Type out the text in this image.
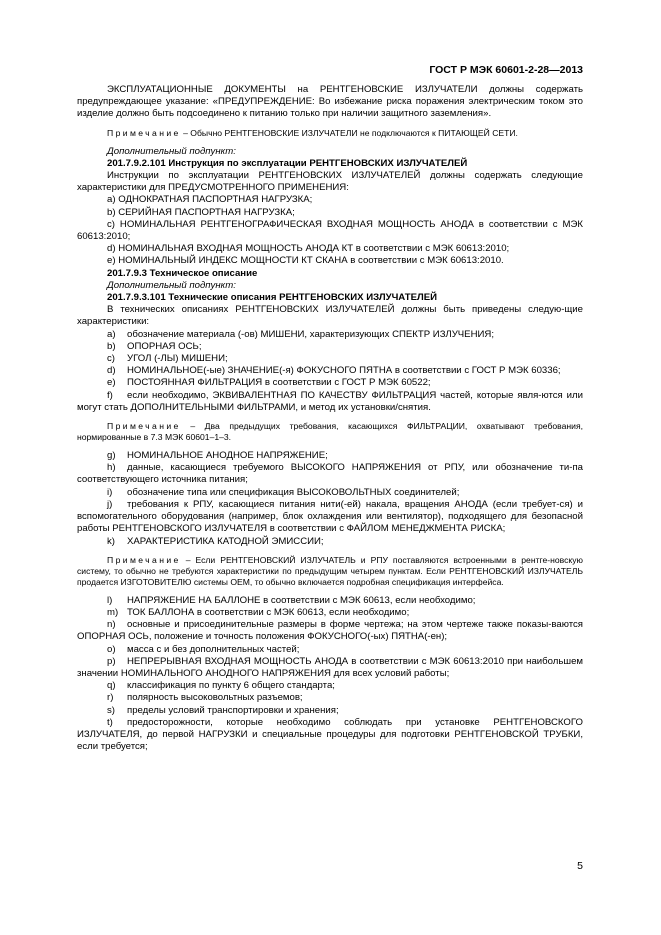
ГОСТ Р МЭК 60601-2-28—2013

ЭКСПЛУАТАЦИОННЫЕ ДОКУМЕНТЫ на РЕНТГЕНОВСКИЕ ИЗЛУЧАТЕЛИ должны содержать предупреждающее указание: «ПРЕДУПРЕЖДЕНИЕ: Во избежание риска поражения электрическим током это изделие должно быть подсоединено к питанию только при наличии защитного заземления».

Примечание – Обычно РЕНТГЕНОВСКИЕ ИЗЛУЧАТЕЛИ не подключаются к ПИТАЮЩЕЙ СЕТИ.

Дополнительный подпункт:

201.7.9.2.101 Инструкция по эксплуатации РЕНТГЕНОВСКИХ ИЗЛУЧАТЕЛЕЙ

Инструкции по эксплуатации РЕНТГЕНОВСКИХ ИЗЛУЧАТЕЛЕЙ должны содержать следующие характеристики для ПРЕДУСМОТРЕННОГО ПРИМЕНЕНИЯ:

a) ОДНОКРАТНАЯ ПАСПОРТНАЯ НАГРУЗКА;

b) СЕРИЙНАЯ ПАСПОРТНАЯ НАГРУЗКА;

c) НОМИНАЛЬНАЯ РЕНТГЕНОГРАФИЧЕСКАЯ ВХОДНАЯ МОЩНОСТЬ АНОДА в соответствии с МЭК 60613:2010;

d) НОМИНАЛЬНАЯ ВХОДНАЯ МОЩНОСТЬ АНОДА КТ в соответствии с МЭК 60613:2010;

e) НОМИНАЛЬНЫЙ ИНДЕКС МОЩНОСТИ КТ СКАНА в соответствии с МЭК 60613:2010.

201.7.9.3 Техническое описание

Дополнительный подпункт:

201.7.9.3.101 Технические описания РЕНТГЕНОВСКИХ ИЗЛУЧАТЕЛЕЙ

В технических описаниях РЕНТГЕНОВСКИХ ИЗЛУЧАТЕЛЕЙ должны быть приведены следую-щие характеристики:

a) обозначение материала (-ов) МИШЕНИ, характеризующих СПЕКТР ИЗЛУЧЕНИЯ;

b) ОПОРНАЯ ОСЬ;

c) УГОЛ (-ЛЫ) МИШЕНИ;

d) НОМИНАЛЬНОЕ(-ые) ЗНАЧЕНИЕ(-я) ФОКУСНОГО ПЯТНА в соответствии с ГОСТ Р МЭК 60336;

e) ПОСТОЯННАЯ ФИЛЬТРАЦИЯ в соответствии с ГОСТ Р МЭК 60522;

f) если необходимо, ЭКВИВАЛЕНТНАЯ ПО КАЧЕСТВУ ФИЛЬТРАЦИЯ частей, которые явля-ются или могут стать ДОПОЛНИТЕЛЬНЫМИ ФИЛЬТРАМИ, и метод их установки/снятия.

Примечание – Два предыдущих требования, касающихся ФИЛЬТРАЦИИ, охватывают требования, нормированные в 7.3 МЭК 60601–1–3.

g) НОМИНАЛЬНОЕ АНОДНОЕ НАПРЯЖЕНИЕ;

h) данные, касающиеся требуемого ВЫСОКОГО НАПРЯЖЕНИЯ от РПУ, или обозначение ти-па соответствующего источника питания;

i) обозначение типа или спецификация ВЫСОКОВОЛЬТНЫХ соединителей;

j) требования к РПУ, касающиеся питания нити(-ей) накала, вращения АНОДА (если требует-ся) и вспомогательного оборудования (например, блок охлаждения или вентилятор), подходящего для безопасной работы РЕНТГЕНОВСКОГО ИЗЛУЧАТЕЛЯ в соответствии с ФАЙЛОМ МЕНЕДЖМЕНТА РИСКА;

k) ХАРАКТЕРИСТИКА КАТОДНОЙ ЭМИССИИ;

Примечание – Если РЕНТГЕНОВСКИЙ ИЗЛУЧАТЕЛЬ и РПУ поставляются встроенными в рентге-новскую систему, то обычно не требуются характеристики по предыдущим четырем пунктам. Если РЕНТГЕНОВСКИЙ ИЗЛУЧАТЕЛЬ продается ИЗГОТОВИТЕЛЮ системы ОЕМ, то обычно включается подробная спецификация интерфейса.

l) НАПРЯЖЕНИЕ НА БАЛЛОНЕ в соответствии с МЭК 60613, если необходимо;

m) ТОК БАЛЛОНА в соответствии с МЭК 60613, если необходимо;

n) основные и присоединительные размеры в форме чертежа; на этом чертеже также показы-ваются ОПОРНАЯ ОСЬ, положение и точность положения ФОКУСНОГО(-ых) ПЯТНА(-ен);

o) масса с и без дополнительных частей;

p) НЕПРЕРЫВНАЯ ВХОДНАЯ МОЩНОСТЬ АНОДА в соответствии с МЭК 60613:2010 при наибольшем значении НОМИНАЛЬНОГО АНОДНОГО НАПРЯЖЕНИЯ для всех условий работы;

q) классификация по пункту 6 общего стандарта;

r) полярность высоковольтных разъемов;

s) пределы условий транспортировки и хранения;

t) предосторожности, которые необходимо соблюдать при установке РЕНТГЕНОВСКОГО ИЗЛУЧАТЕЛЯ, до первой НАГРУЗКИ и специальные процедуры для подготовки РЕНТГЕНОВСКОЙ ТРУБКИ, если требуется;

5
